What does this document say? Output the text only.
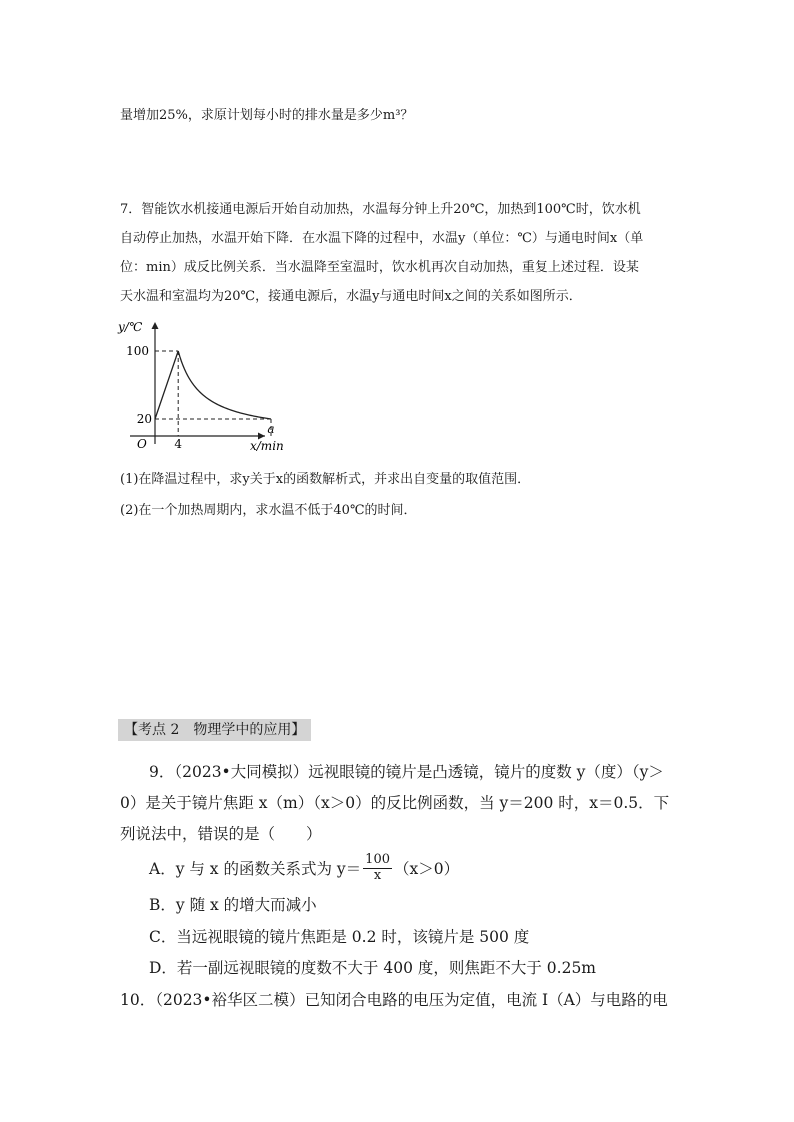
量增加25%，求原计划每小时的排水量是多少m³？
7．智能饮水机接通电源后开始自动加热，水温每分钟上升20℃，加热到100℃时，饮水机
自动停止加热，水温开始下降．在水温下降的过程中，水温y（单位：℃）与通电时间x（单
位：min）成反比例关系．当水温降至室温时，饮水机再次自动加热，重复上述过程．设某
天水温和室温均为20℃，接通电源后，水温y与通电时间x之间的关系如图所示．
y/℃
x/min
O
20
100
4
a
(1)在降温过程中，求y关于x的函数解析式，并求出自变量的取值范围．
(2)在一个加热周期内，求水温不低于40℃的时间．
【考点 2　物理学中的应用】
9．（2023•大同模拟）远视眼镜的镜片是凸透镜，镜片的度数 y（度）（y＞
0）是关于镜片焦距 x（m）（x＞0）的反比例函数，当 y＝200 时，x＝0.5．下
列说法中，错误的是（　　）
A．y 与 x 的函数关系式为 $y= \frac{100}{x} (x>0)$
B．y 随 x 的增大而减小
C．当远视眼镜的镜片焦距是 0.2 时，该镜片是 500 度
D．若一副远视眼镜的度数不大于 400 度，则焦距不大于 0.25m
10．（2023•裕华区二模）已知闭合电路的电压为定值，电流 I（A）与电路的电
